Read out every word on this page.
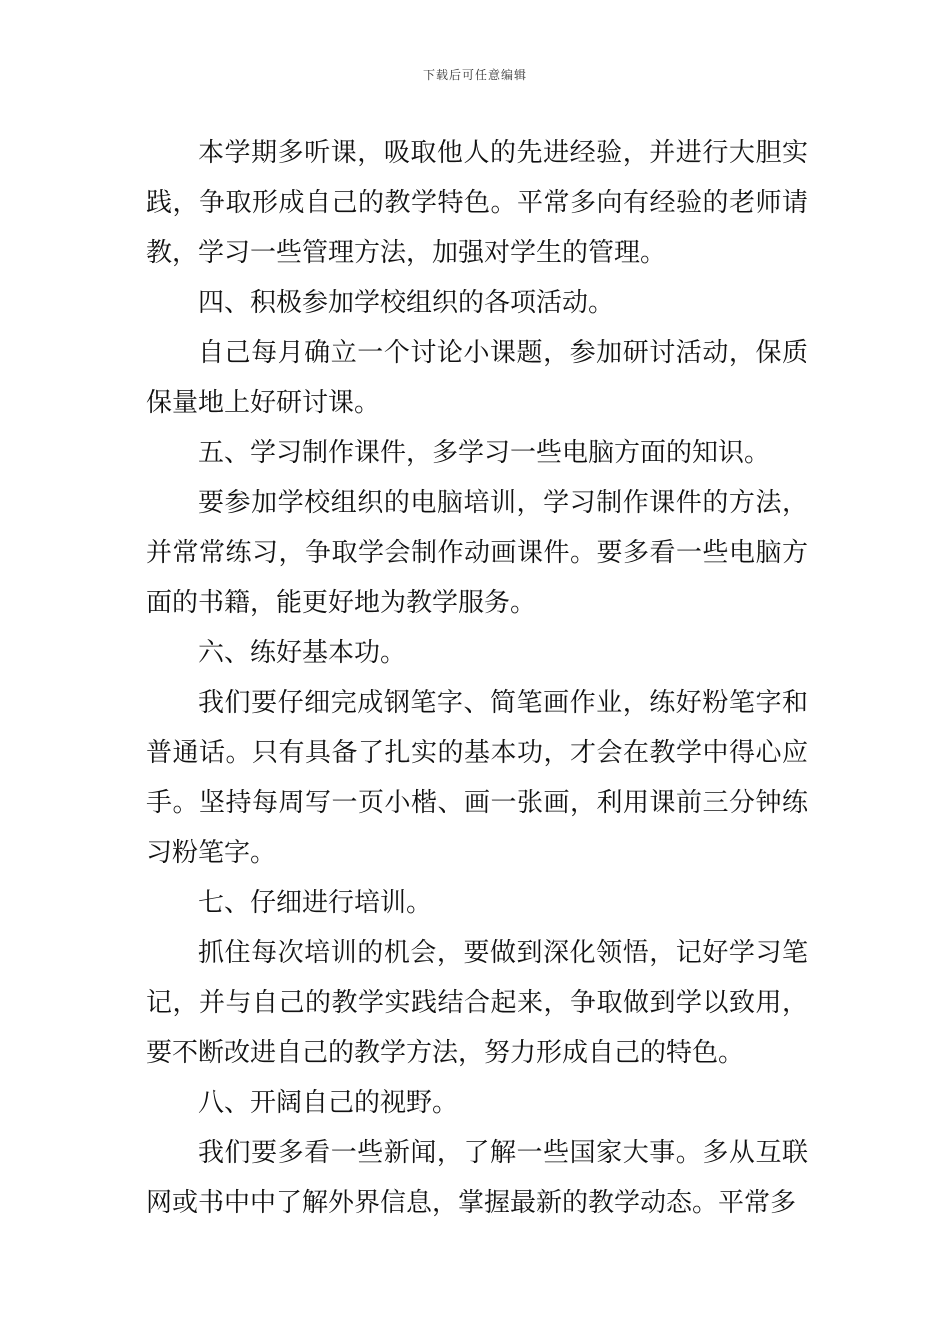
下载后可任意编辑

本学期多听课，吸取他人的先进经验，并进行大胆实践，争取形成自己的教学特色。平常多向有经验的老师请教，学习一些管理方法，加强对学生的管理。

四、积极参加学校组织的各项活动。

自己每月确立一个讨论小课题，参加研讨活动，保质保量地上好研讨课。

五、学习制作课件，多学习一些电脑方面的知识。

要参加学校组织的电脑培训，学习制作课件的方法，并常常练习，争取学会制作动画课件。要多看一些电脑方面的书籍，能更好地为教学服务。

六、练好基本功。

我们要仔细完成钢笔字、简笔画作业，练好粉笔字和普通话。只有具备了扎实的基本功，才会在教学中得心应手。坚持每周写一页小楷、画一张画，利用课前三分钟练习粉笔字。

七、仔细进行培训。

抓住每次培训的机会，要做到深化领悟，记好学习笔记，并与自己的教学实践结合起来，争取做到学以致用，要不断改进自己的教学方法，努力形成自己的特色。

八、开阔自己的视野。

我们要多看一些新闻，了解一些国家大事。多从互联网或书中中了解外界信息，掌握最新的教学动态。平常多
